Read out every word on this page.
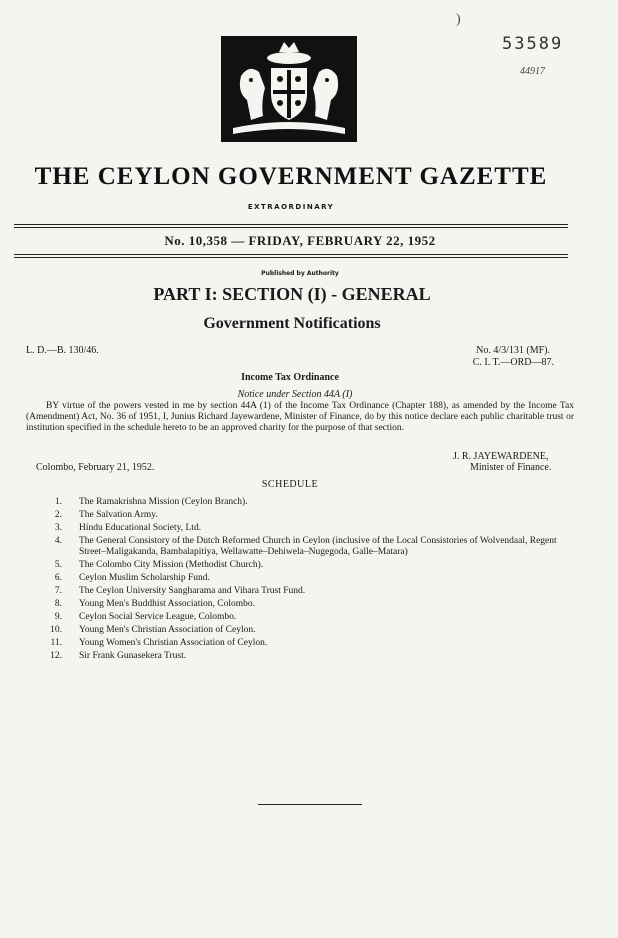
)
53589
44917
THE CEYLON GOVERNMENT GAZETTE
EXTRAORDINARY
No. 10,358 — FRIDAY, FEBRUARY 22, 1952
Published by Authority
PART I: SECTION (I) - GENERAL
Government Notifications
L. D.—B. 130/46.	No. 4/3/131 (MF).
C. I. T.—ORD—87.
Income Tax Ordinance
Notice under Section 44A (I)
BY virtue of the powers vested in me by section 44A (1) of the Income Tax Ordinance (Chapter 188), as amended by the Income Tax (Amendment) Act, No. 36 of 1951, I, Junius Richard Jayewardene, Minister of Finance, do by this notice declare each public charitable trust or institution specified in the schedule hereto to be an approved charity for the purpose of that section.
J. R. JAYEWARDENE,
Colombo, February 21, 1952.	Minister of Finance.
SCHEDULE
1. The Ramakrishna Mission (Ceylon Branch).
2. The Salvation Army.
3. Hindu Educational Society, Ltd.
4. The General Consistory of the Dutch Reformed Church in Ceylon (inclusive of the Local Consistories of Wolvendaal, Regent Street–Maligakanda, Bambalapitiya, Wellawatte–Dehiwela–Nugegoda, Galle–Matara)
5. The Colombo City Mission (Methodist Church).
6. Ceylon Muslim Scholarship Fund.
7. The Ceylon University Sangharama and Vihara Trust Fund.
8. Young Men's Buddhist Association, Colombo.
9. Ceylon Social Service League, Colombo.
10. Young Men's Christian Association of Ceylon.
11. Young Women's Christian Association of Ceylon.
12. Sir Frank Gunasekera Trust.
